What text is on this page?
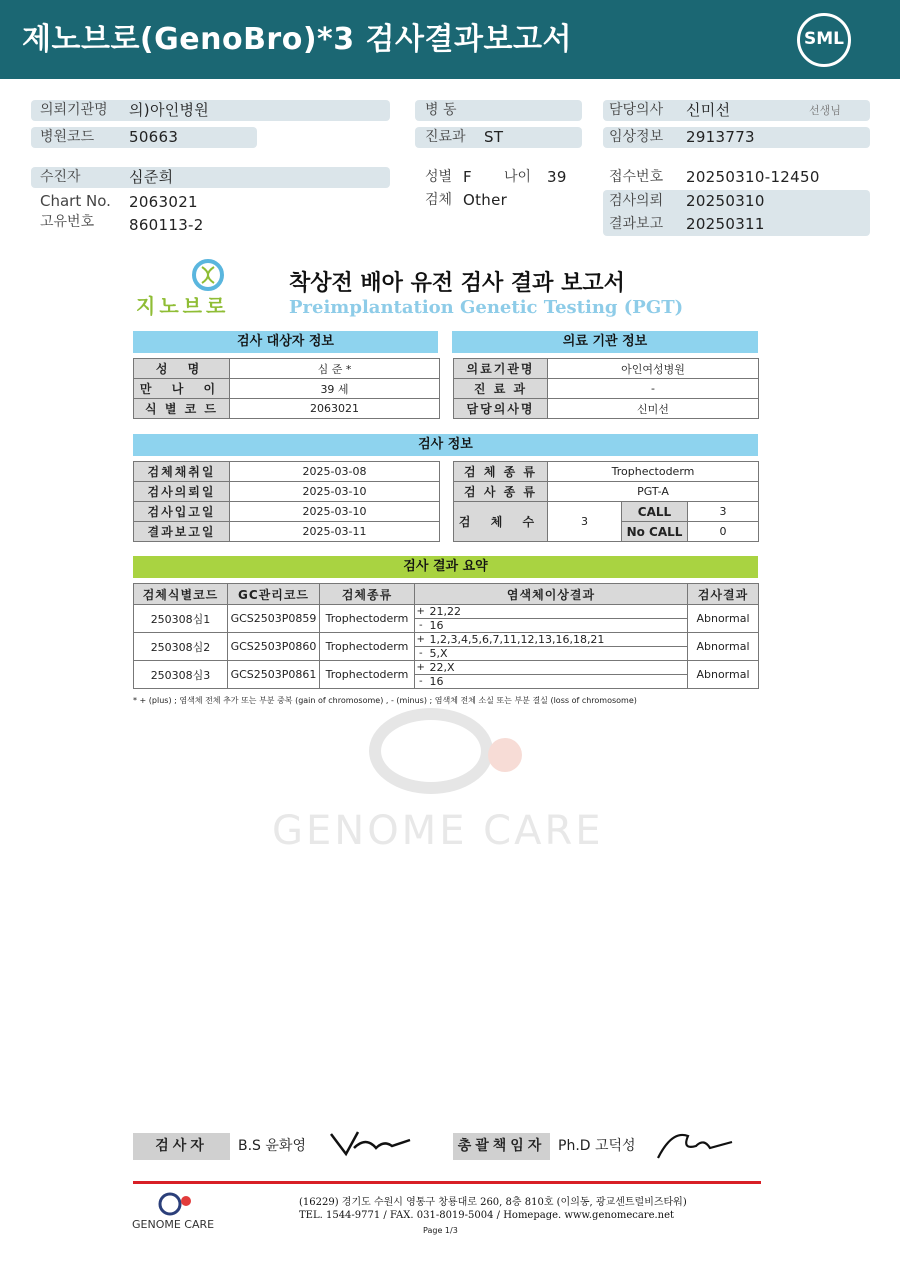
제노브로(GenoBro)*3 검사결과보고서	SML
의뢰기관명 의)아인병원
병원코드 50663
수진자	심준희
Chart No. 2063021
고유번호 860113-2
병 동
진료과 ST
성별 F 나이 39
검체 Other
담당의사 신미선	선생님
임상정보 2913773
접수번호 20250310-12450
검사의뢰 20250310
결과보고 20250311
지노브로
착상전 배아 유전 검사 결과 보고서
Preimplantation Genetic Testing (PGT)
검사 대상자 정보
성 명	심 준 *
만 나 이	39 세
식 별 코 드	2063021
의료 기관 정보
의료기관명	아인여성병원
진 료 과	-
담당의사명	신미선
검사 정보
검체채취일	2025-03-08
검사의뢰일	2025-03-10
검사입고일	2025-03-10
결과보고일	2025-03-11
검 체 종 류	Trophectoderm		
검 사 종 류	PGT-A		
검 체 수	3	CALL	3
		No CALL	0
검사 결과 요약
검체식별코드	GC관리코드	검체종류	염색체이상결과		검사결과
250308심1	GCS2503P0859	Trophectoderm	+	21,22	Abnormal
			-	16	
250308심2	GCS2503P0860	Trophectoderm	+	1,2,3,4,5,6,7,11,12,13,16,18,21	Abnormal
			-	5,X	
250308심3	GCS2503P0861	Trophectoderm	+	22,X	Abnormal
			-	16	
* + (plus) ; 염색체 전체 추가 또는 부분 중복 (gain of chromosome) , - (minus) ; 염색체 전체 소실 또는 부분 결실 (loss of chromosome)
GENOME CARE
검사자	B.S 윤화영	총괄책임자 Ph.D 고덕성
GENOME CARE
(16229) 경기도 수원시 영통구 창룡대로 260, 8층 810호 (이의동, 광교센트럴비즈타워)
TEL. 1544-9771 / FAX. 031-8019-5004 / Homepage. www.genomecare.net
Page 1/3
